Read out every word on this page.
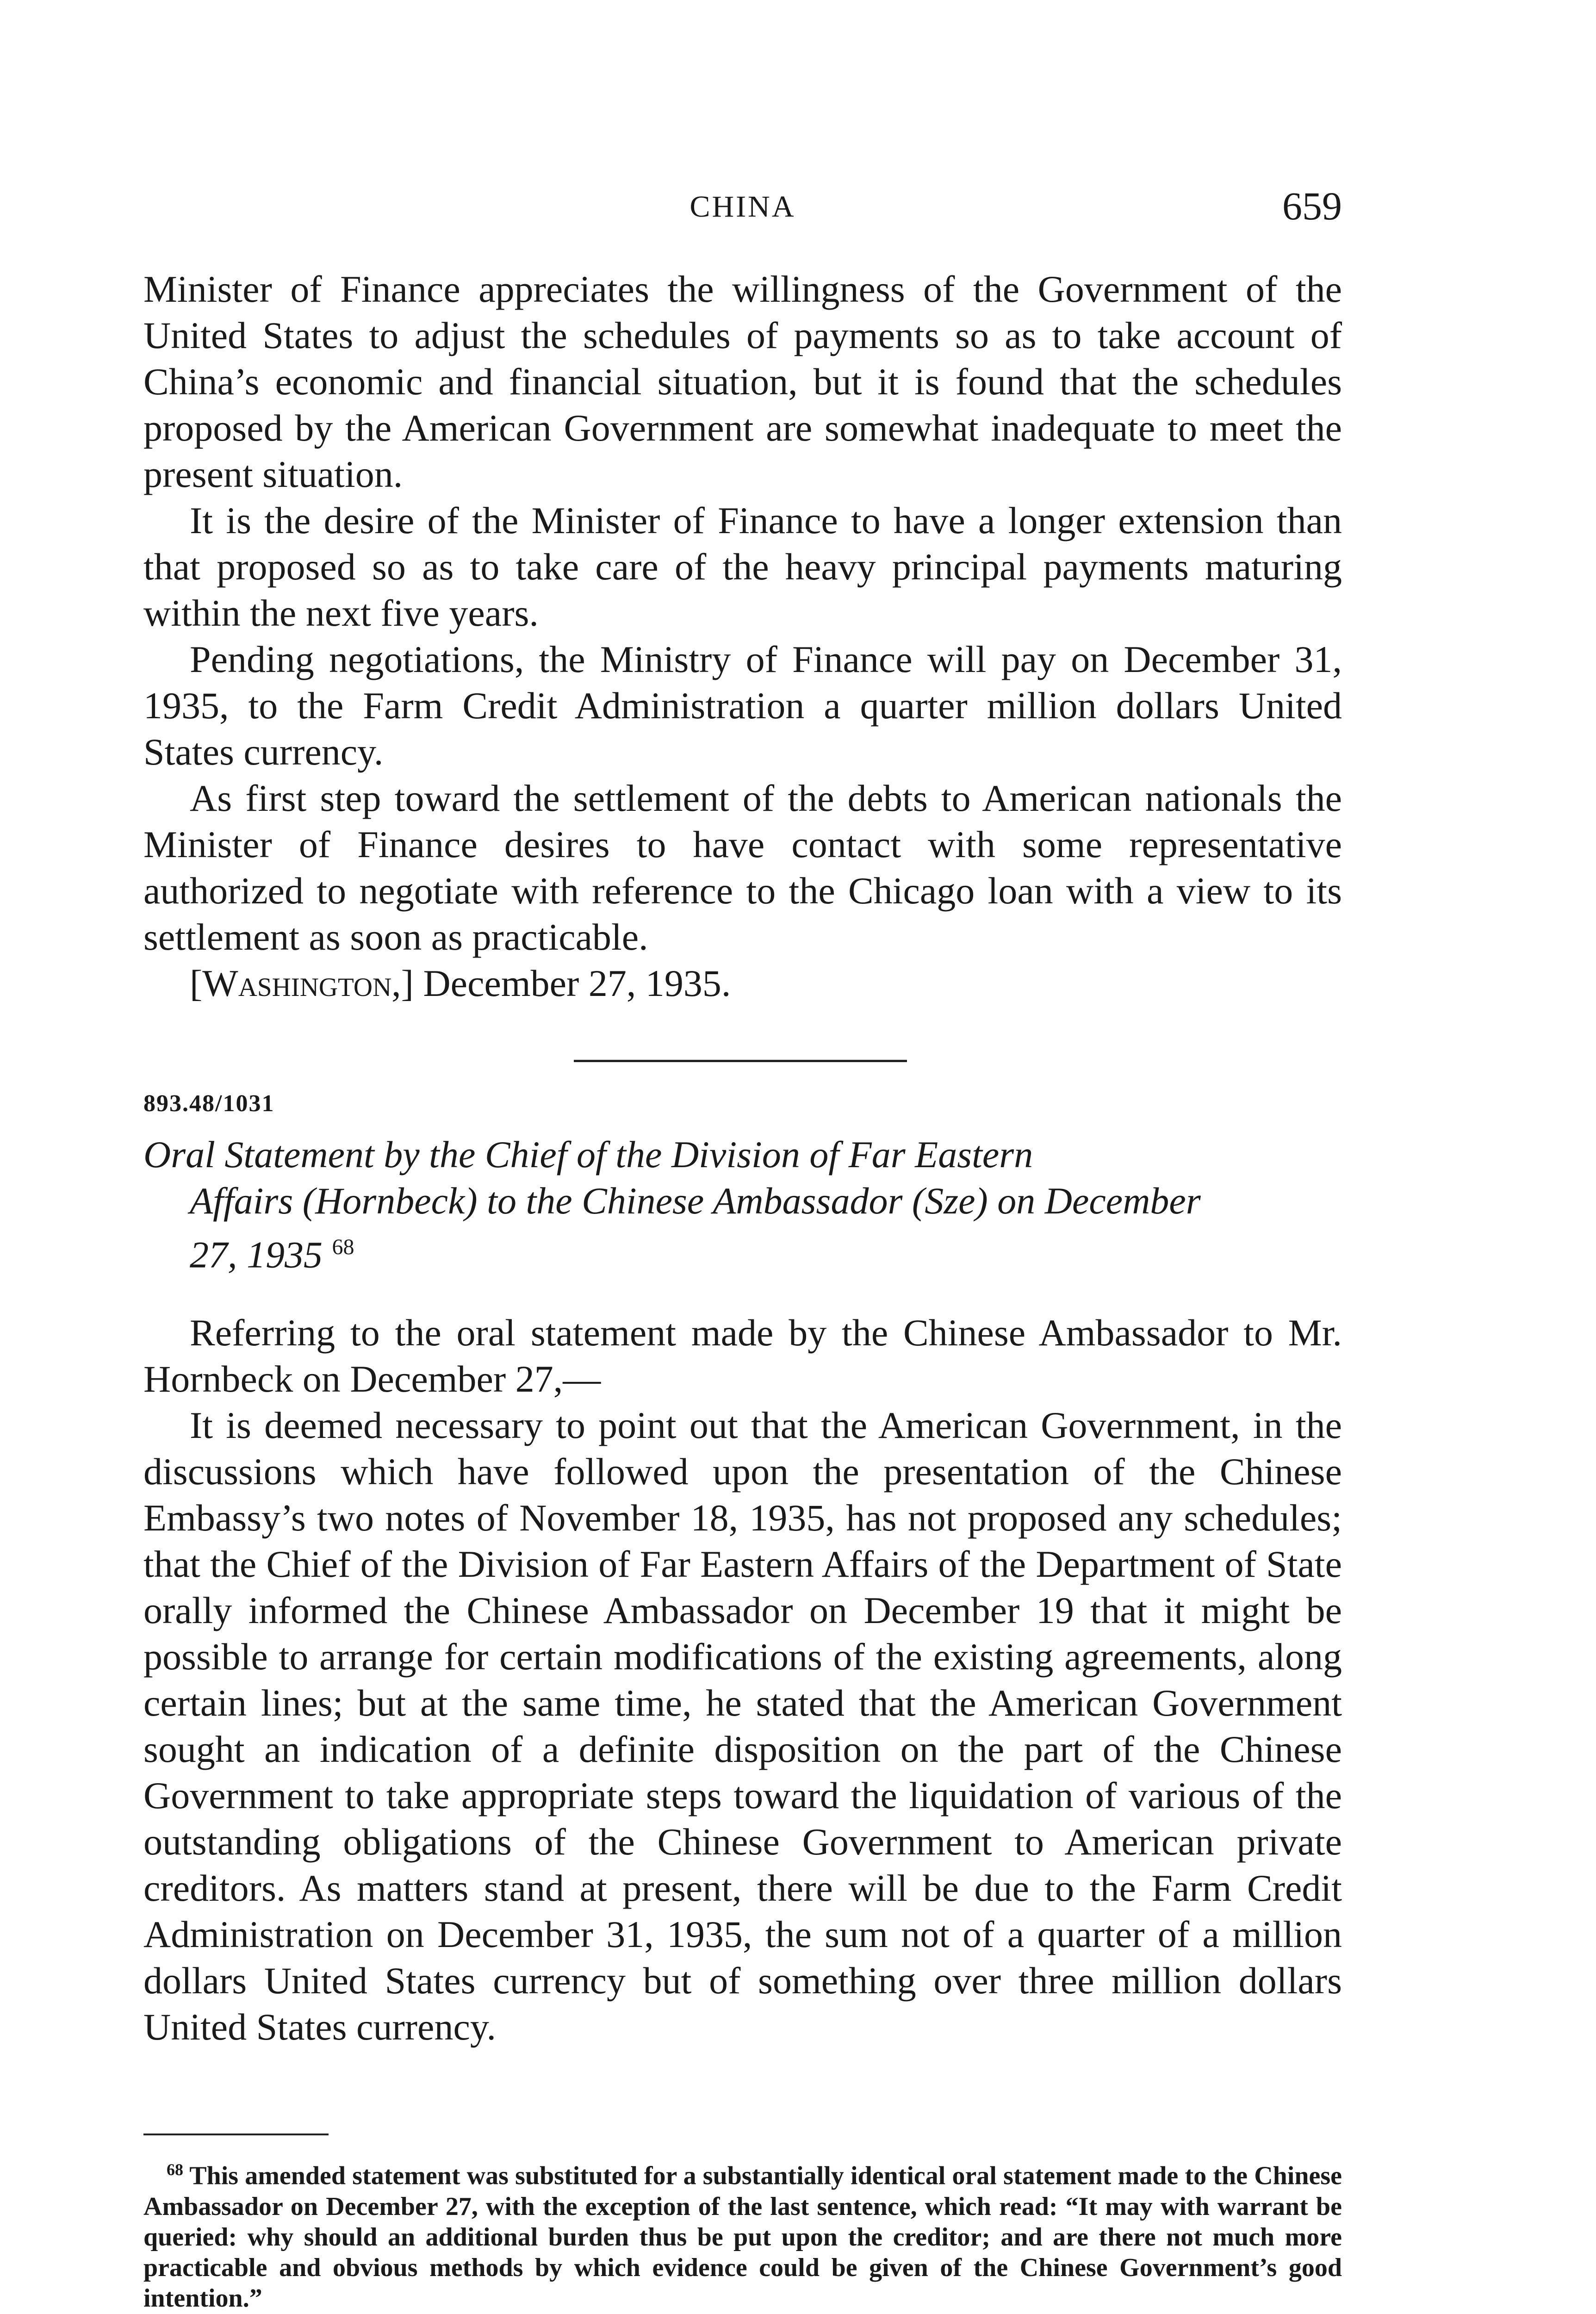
CHINA	659

Minister of Finance appreciates the willingness of the Government of the United States to adjust the schedules of payments so as to take account of China’s economic and financial situation, but it is found that the schedules proposed by the American Government are somewhat inadequate to meet the present situation.

It is the desire of the Minister of Finance to have a longer extension than that proposed so as to take care of the heavy principal payments maturing within the next five years.

Pending negotiations, the Ministry of Finance will pay on December 31, 1935, to the Farm Credit Administration a quarter million dollars United States currency.

As first step toward the settlement of the debts to American nationals the Minister of Finance desires to have contact with some representative authorized to negotiate with reference to the Chicago loan with a view to its settlement as soon as practicable.

[Washington,] December 27, 1935.

893.48/1031
Oral Statement by the Chief of the Division of Far Eastern
Affairs (Hornbeck) to the Chinese Ambassador (Sze) on December
27, 1935 $^{68}$

Referring to the oral statement made by the Chinese Ambassador to Mr. Hornbeck on December 27,—

It is deemed necessary to point out that the American Government, in the discussions which have followed upon the presentation of the Chinese Embassy’s two notes of November 18, 1935, has not proposed any schedules; that the Chief of the Division of Far Eastern Affairs of the Department of State orally informed the Chinese Ambassador on December 19 that it might be possible to arrange for certain modifications of the existing agreements, along certain lines; but at the same time, he stated that the American Government sought an indication of a definite disposition on the part of the Chinese Government to take appropriate steps toward the liquidation of various of the outstanding obligations of the Chinese Government to American private creditors. As matters stand at present, there will be due to the Farm Credit Administration on December 31, 1935, the sum not of a quarter of a million dollars United States currency but of something over three million dollars United States currency.

$^{68}$ This amended statement was substituted for a substantially identical oral statement made to the Chinese Ambassador on December 27, with the exception of the last sentence, which read: “It may with warrant be queried: why should an additional burden thus be put upon the creditor; and are there not much more practicable and obvious methods by which evidence could be given of the Chinese Government’s good intention.”
